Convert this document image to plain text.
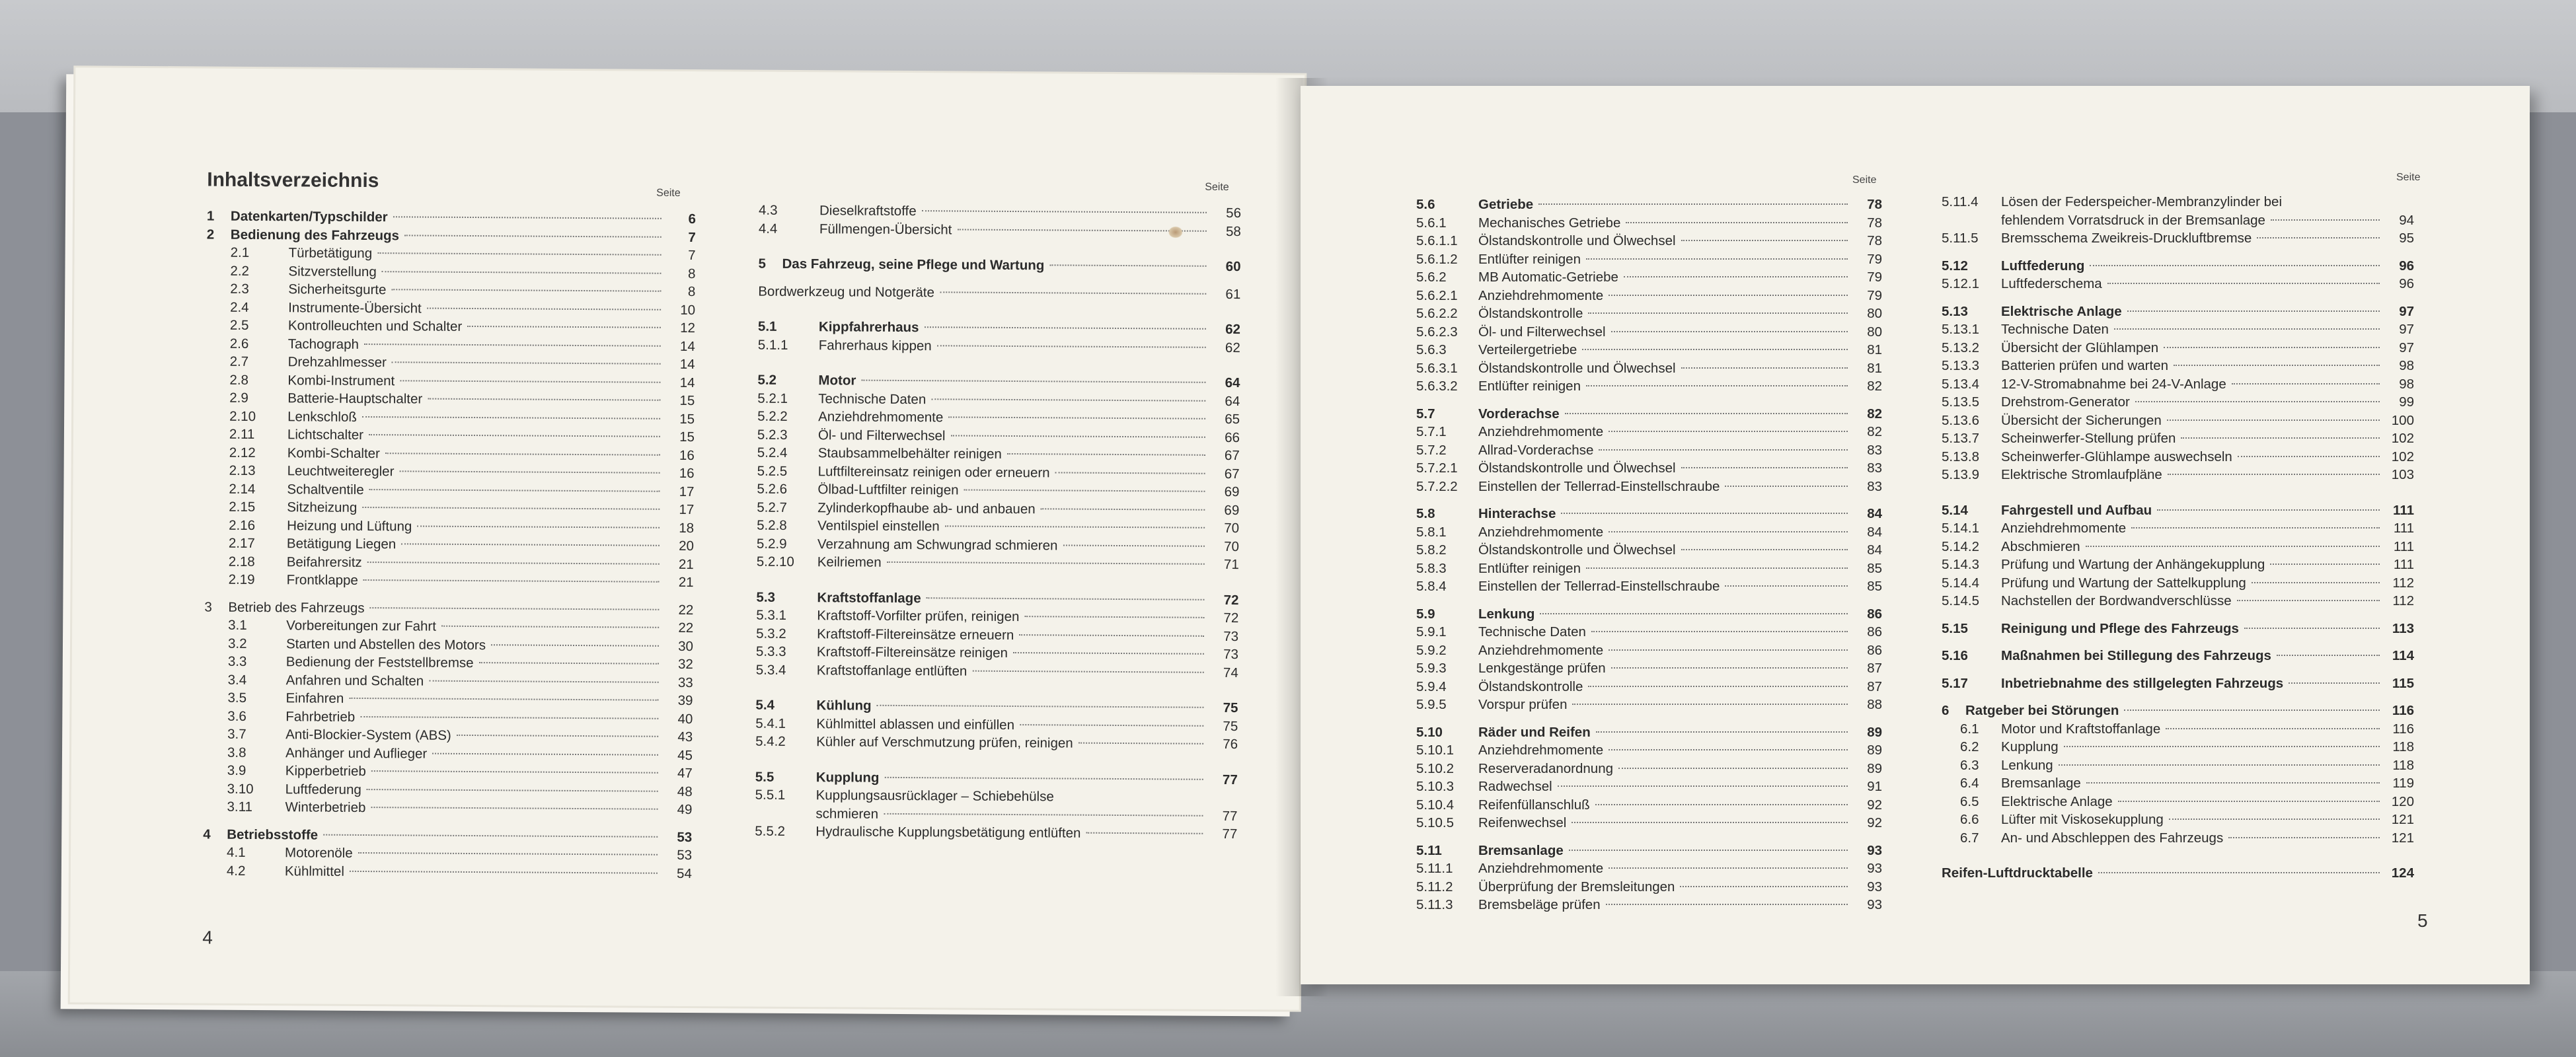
Inhaltsverzeichnis
Seite
Seite
1	Datenkarten/Typschilder	6
2	Bedienung des Fahrzeugs	7
2.1	Türbetätigung	7
2.2	Sitzverstellung	8
2.3	Sicherheitsgurte	8
2.4	Instrumente-Übersicht	10
2.5	Kontrolleuchten und Schalter	12
2.6	Tachograph	14
2.7	Drehzahlmesser	14
2.8	Kombi-Instrument	14
2.9	Batterie-Hauptschalter	15
2.10	Lenkschloß	15
2.11	Lichtschalter	15
2.12	Kombi-Schalter	16
2.13	Leuchtweiteregler	16
2.14	Schaltventile	17
2.15	Sitzheizung	17
2.16	Heizung und Lüftung	18
2.17	Betätigung Liegen	20
2.18	Beifahrersitz	21
2.19	Frontklappe	21
3	Betrieb des Fahrzeugs	22
3.1	Vorbereitungen zur Fahrt	22
3.2	Starten und Abstellen des Motors	30
3.3	Bedienung der Feststellbremse	32
3.4	Anfahren und Schalten	33
3.5	Einfahren	39
3.6	Fahrbetrieb	40
3.7	Anti-Blockier-System (ABS)	43
3.8	Anhänger und Auflieger	45
3.9	Kipperbetrieb	47
3.10	Luftfederung	48
3.11	Winterbetrieb	49
4	Betriebsstoffe	53
4.1	Motorenöle	53
4.2	Kühlmittel	54
4.3	Dieselkraftstoffe	56
4.4	Füllmengen-Übersicht	58
5	Das Fahrzeug, seine Pflege und Wartung	60
Bordwerkzeug und Notgeräte	61
5.1	Kippfahrerhaus	62
5.1.1	Fahrerhaus kippen	62
5.2	Motor	64
5.2.1	Technische Daten	64
5.2.2	Anziehdrehmomente	65
5.2.3	Öl- und Filterwechsel	66
5.2.4	Staubsammelbehälter reinigen	67
5.2.5	Luftfiltereinsatz reinigen oder erneuern	67
5.2.6	Ölbad-Luftfilter reinigen	69
5.2.7	Zylinderkopfhaube ab- und anbauen	69
5.2.8	Ventilspiel einstellen	70
5.2.9	Verzahnung am Schwungrad schmieren	70
5.2.10	Keilriemen	71
5.3	Kraftstoffanlage	72
5.3.1	Kraftstoff-Vorfilter prüfen, reinigen	72
5.3.2	Kraftstoff-Filtereinsätze erneuern	73
5.3.3	Kraftstoff-Filtereinsätze reinigen	73
5.3.4	Kraftstoffanlage entlüften	74
5.4	Kühlung	75
5.4.1	Kühlmittel ablassen und einfüllen	75
5.4.2	Kühler auf Verschmutzung prüfen, reinigen	76
5.5	Kupplung	77
5.5.1	Kupplungsausrücklager – Schiebehülse
schmieren	77
5.5.2	Hydraulische Kupplungsbetätigung entlüften	77
4
Seite	Seite
5.6	Getriebe	78
5.6.1	Mechanisches Getriebe	78
5.6.1.1	Ölstandskontrolle und Ölwechsel	78
5.6.1.2	Entlüfter reinigen	79
5.6.2	MB Automatic-Getriebe	79
5.6.2.1	Anziehdrehmomente	79
5.6.2.2	Ölstandskontrolle	80
5.6.2.3	Öl- und Filterwechsel	80
5.6.3	Verteilergetriebe	81
5.6.3.1	Ölstandskontrolle und Ölwechsel	81
5.6.3.2	Entlüfter reinigen	82
5.7	Vorderachse	82
5.7.1	Anziehdrehmomente	82
5.7.2	Allrad-Vorderachse	83
5.7.2.1	Ölstandskontrolle und Ölwechsel	83
5.7.2.2	Einstellen der Tellerrad-Einstellschraube	83
5.8	Hinterachse	84
5.8.1	Anziehdrehmomente	84
5.8.2	Ölstandskontrolle und Ölwechsel	84
5.8.3	Entlüfter reinigen	85
5.8.4	Einstellen der Tellerrad-Einstellschraube	85
5.9	Lenkung	86
5.9.1	Technische Daten	86
5.9.2	Anziehdrehmomente	86
5.9.3	Lenkgestänge prüfen	87
5.9.4	Ölstandskontrolle	87
5.9.5	Vorspur prüfen	88
5.10	Räder und Reifen	89
5.10.1	Anziehdrehmomente	89
5.10.2	Reserveradanordnung	89
5.10.3	Radwechsel	91
5.10.4	Reifenfüllanschluß	92
5.10.5	Reifenwechsel	92
5.11	Bremsanlage	93
5.11.1	Anziehdrehmomente	93
5.11.2	Überprüfung der Bremsleitungen	93
5.11.3	Bremsbeläge prüfen	93
5.11.4	Lösen der Federspeicher-Membranzylinder bei
fehlendem Vorratsdruck in der Bremsanlage	94
5.11.5	Bremsschema Zweikreis-Druckluftbremse	95
5.12	Luftfederung	96
5.12.1	Luftfederschema	96
5.13	Elektrische Anlage	97
5.13.1	Technische Daten	97
5.13.2	Übersicht der Glühlampen	97
5.13.3	Batterien prüfen und warten	98
5.13.4	12-V-Stromabnahme bei 24-V-Anlage	98
5.13.5	Drehstrom-Generator	99
5.13.6	Übersicht der Sicherungen	100
5.13.7	Scheinwerfer-Stellung prüfen	102
5.13.8	Scheinwerfer-Glühlampe auswechseln	102
5.13.9	Elektrische Stromlaufpläne	103
5.14	Fahrgestell und Aufbau	111
5.14.1	Anziehdrehmomente	111
5.14.2	Abschmieren	111
5.14.3	Prüfung und Wartung der Anhängekupplung	111
5.14.4	Prüfung und Wartung der Sattelkupplung	112
5.14.5	Nachstellen der Bordwandverschlüsse	112
5.15	Reinigung und Pflege des Fahrzeugs	113
5.16	Maßnahmen bei Stillegung des Fahrzeugs	114
5.17	Inbetriebnahme des stillgelegten Fahrzeugs	115
6	Ratgeber bei Störungen	116
6.1	Motor und Kraftstoffanlage	116
6.2	Kupplung	118
6.3	Lenkung	118
6.4	Bremsanlage	119
6.5	Elektrische Anlage	120
6.6	Lüfter mit Viskosekupplung	121
6.7	An- und Abschleppen des Fahrzeugs	121
Reifen-Luftdrucktabelle	124
5
